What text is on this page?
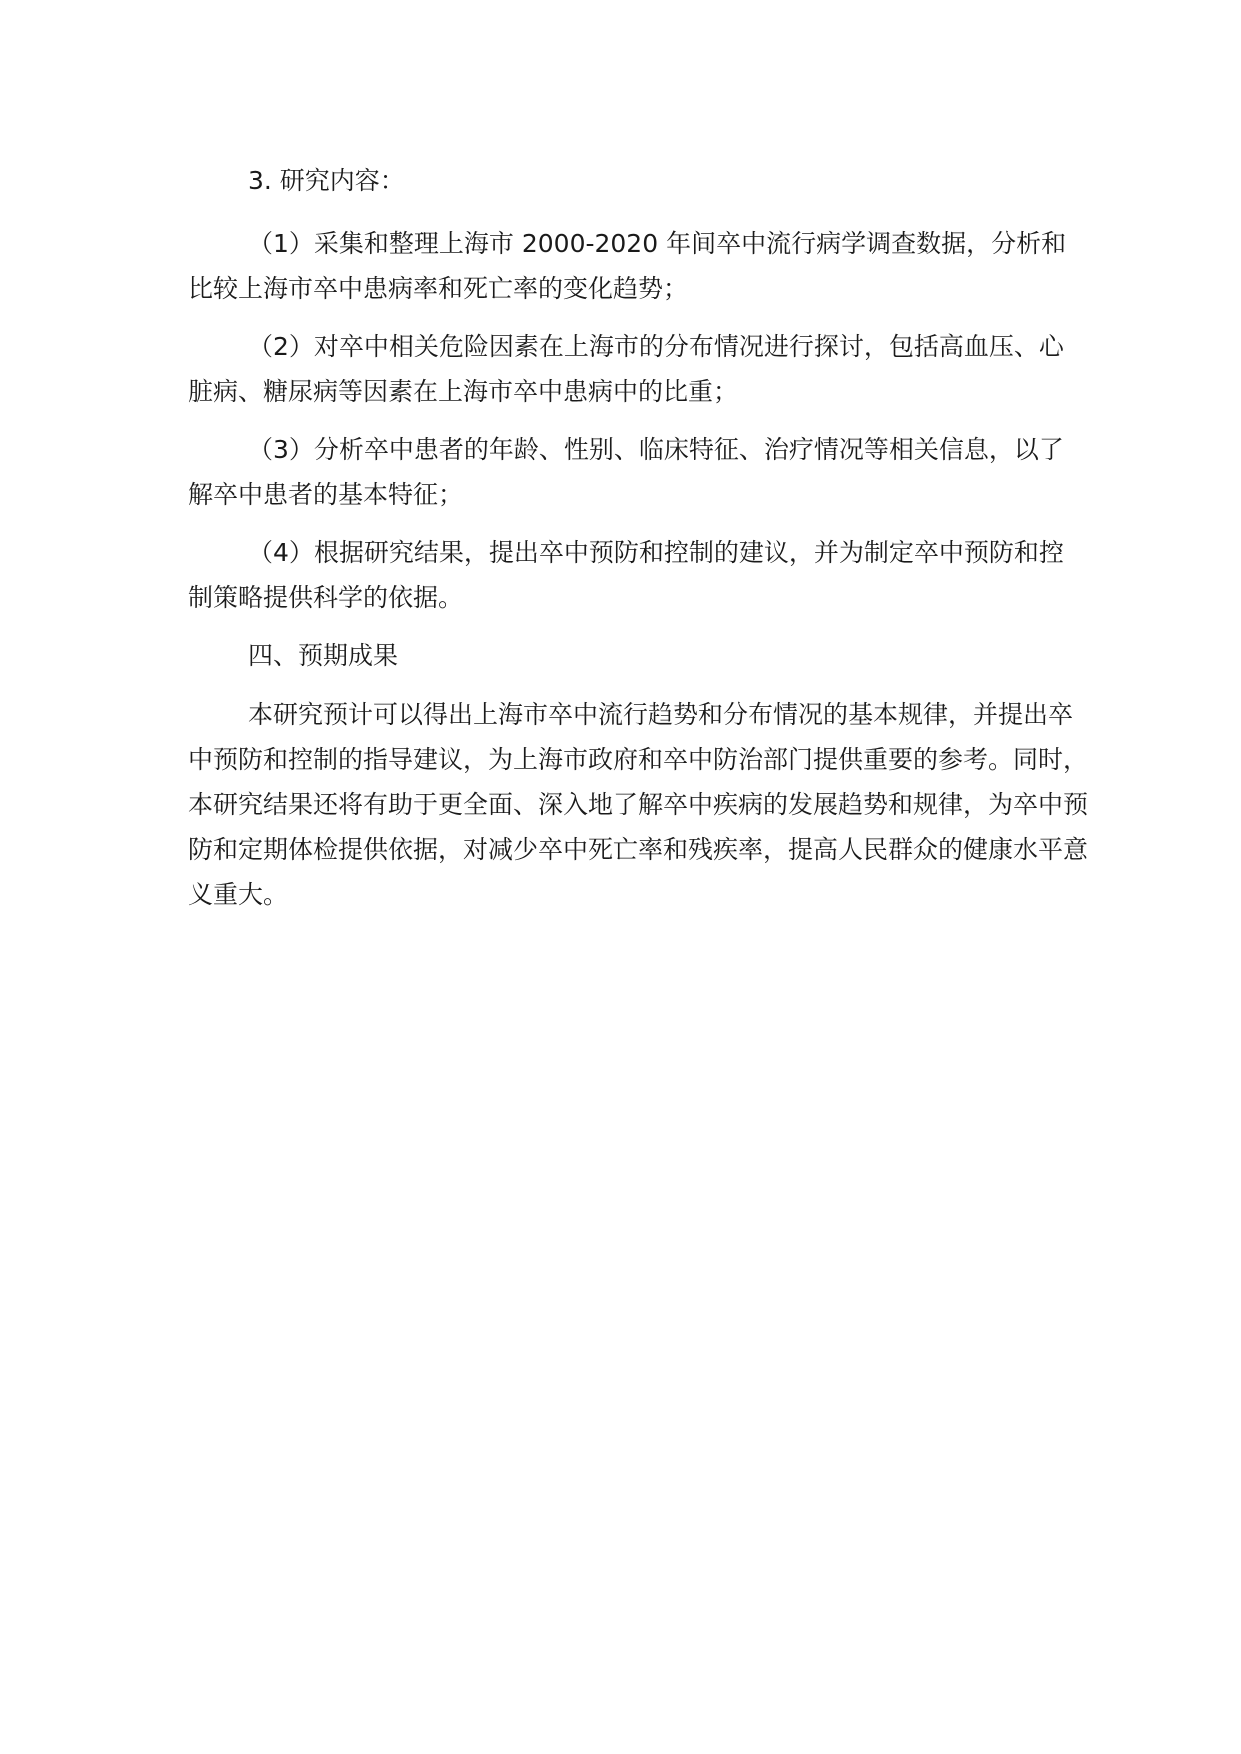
3. 研究内容：

（1）采集和整理上海市 2000-2020 年间卒中流行病学调查数据，分析和比较上海市卒中患病率和死亡率的变化趋势；

（2）对卒中相关危险因素在上海市的分布情况进行探讨，包括高血压、心脏病、糖尿病等因素在上海市卒中患病中的比重；

（3）分析卒中患者的年龄、性别、临床特征、治疗情况等相关信息，以了解卒中患者的基本特征；

（4）根据研究结果，提出卒中预防和控制的建议，并为制定卒中预防和控制策略提供科学的依据。

四、预期成果

本研究预计可以得出上海市卒中流行趋势和分布情况的基本规律，并提出卒中预防和控制的指导建议，为上海市政府和卒中防治部门提供重要的参考。同时，本研究结果还将有助于更全面、深入地了解卒中疾病的发展趋势和规律，为卒中预防和定期体检提供依据，对减少卒中死亡率和残疾率，提高人民群众的健康水平意义重大。
